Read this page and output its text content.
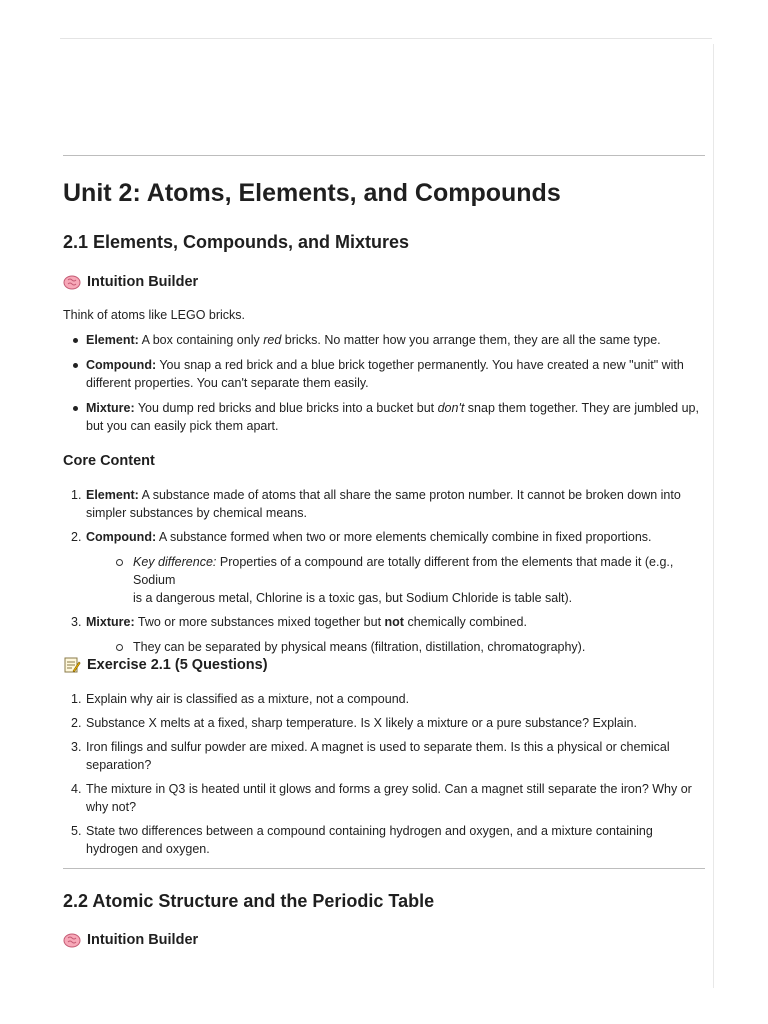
Unit 2: Atoms, Elements, and Compounds
2.1 Elements, Compounds, and Mixtures
Intuition Builder

Think of atoms like LEGO bricks.

Element: A box containing only red bricks. No matter how you arrange them, they are all the same type.
Compound: You snap a red brick and a blue brick together permanently. You have created a new "unit" with
different properties. You can't separate them easily.
Mixture: You dump red bricks and blue bricks into a bucket but don't snap them together. They are jumbled up,
but you can easily pick them apart.
Core Content
1. Element: A substance made of atoms that all share the same proton number. It cannot be broken down into
simpler substances by chemical means.
2. Compound: A substance formed when two or more elements chemically combine in fixed proportions.
Key difference: Properties of a compound are totally different from the elements that made it (e.g., Sodium
is a dangerous metal, Chlorine is a toxic gas, but Sodium Chloride is table salt).
3. Mixture: Two or more substances mixed together but not chemically combined.
They can be separated by physical means (filtration, distillation, chromatography).
Exercise 2.1 (5 Questions)
1. Explain why air is classified as a mixture, not a compound.
2. Substance X melts at a fixed, sharp temperature. Is X likely a mixture or a pure substance? Explain.
3. Iron filings and sulfur powder are mixed. A magnet is used to separate them. Is this a physical or chemical
separation?
4. The mixture in Q3 is heated until it glows and forms a grey solid. Can a magnet still separate the iron? Why or
why not?
5. State two differences between a compound containing hydrogen and oxygen, and a mixture containing
hydrogen and oxygen.
2.2 Atomic Structure and the Periodic Table
Intuition Builder
